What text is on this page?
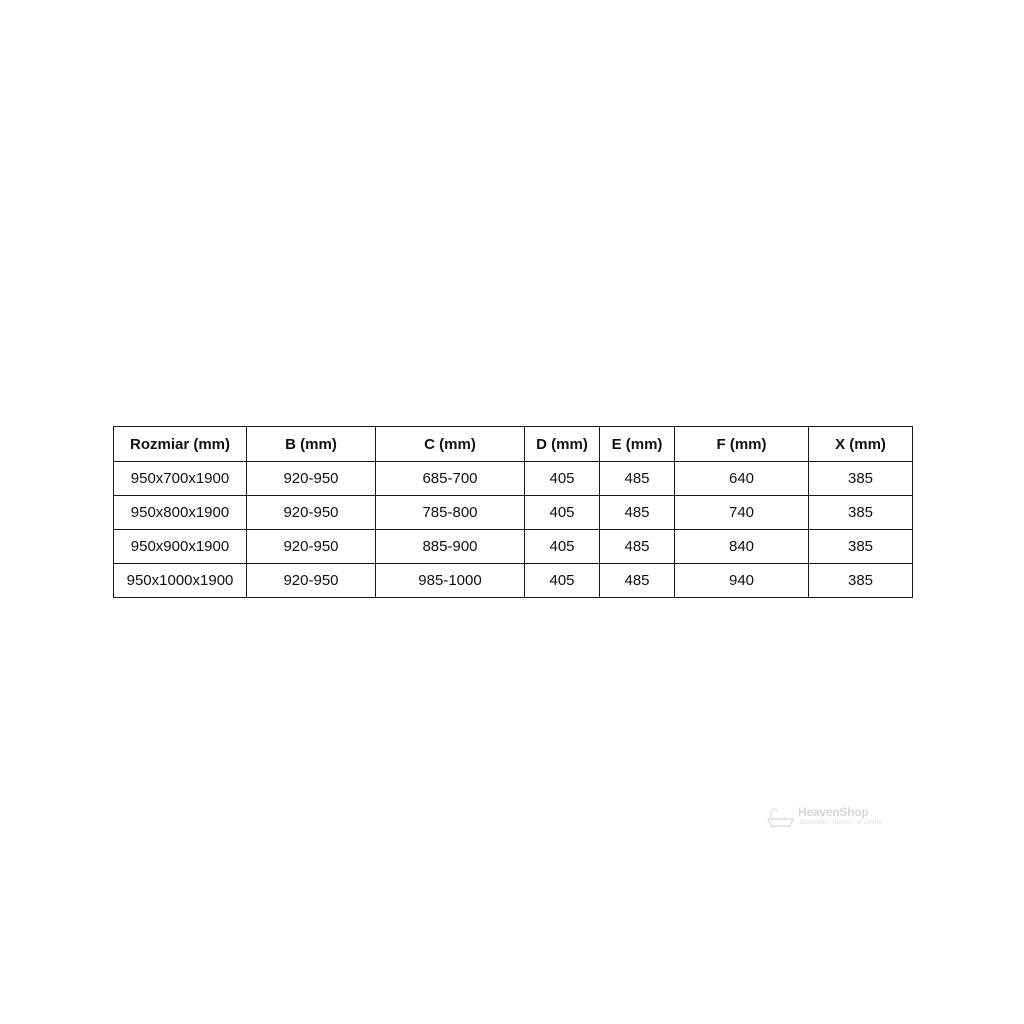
Rozmiar (mm)	B (mm)	C (mm)	D (mm)	E (mm)	F (mm)	X (mm)
950x700x1900	920-950	685-700	405	485	640	385
950x800x1900	920-950	785-800	405	485	740	385
950x900x1900	920-950	885-900	405	485	840	385
950x1000x1900	920-950	985-1000	405	485	940	385
HeavenShop
łazienki, niebo, w cenie
